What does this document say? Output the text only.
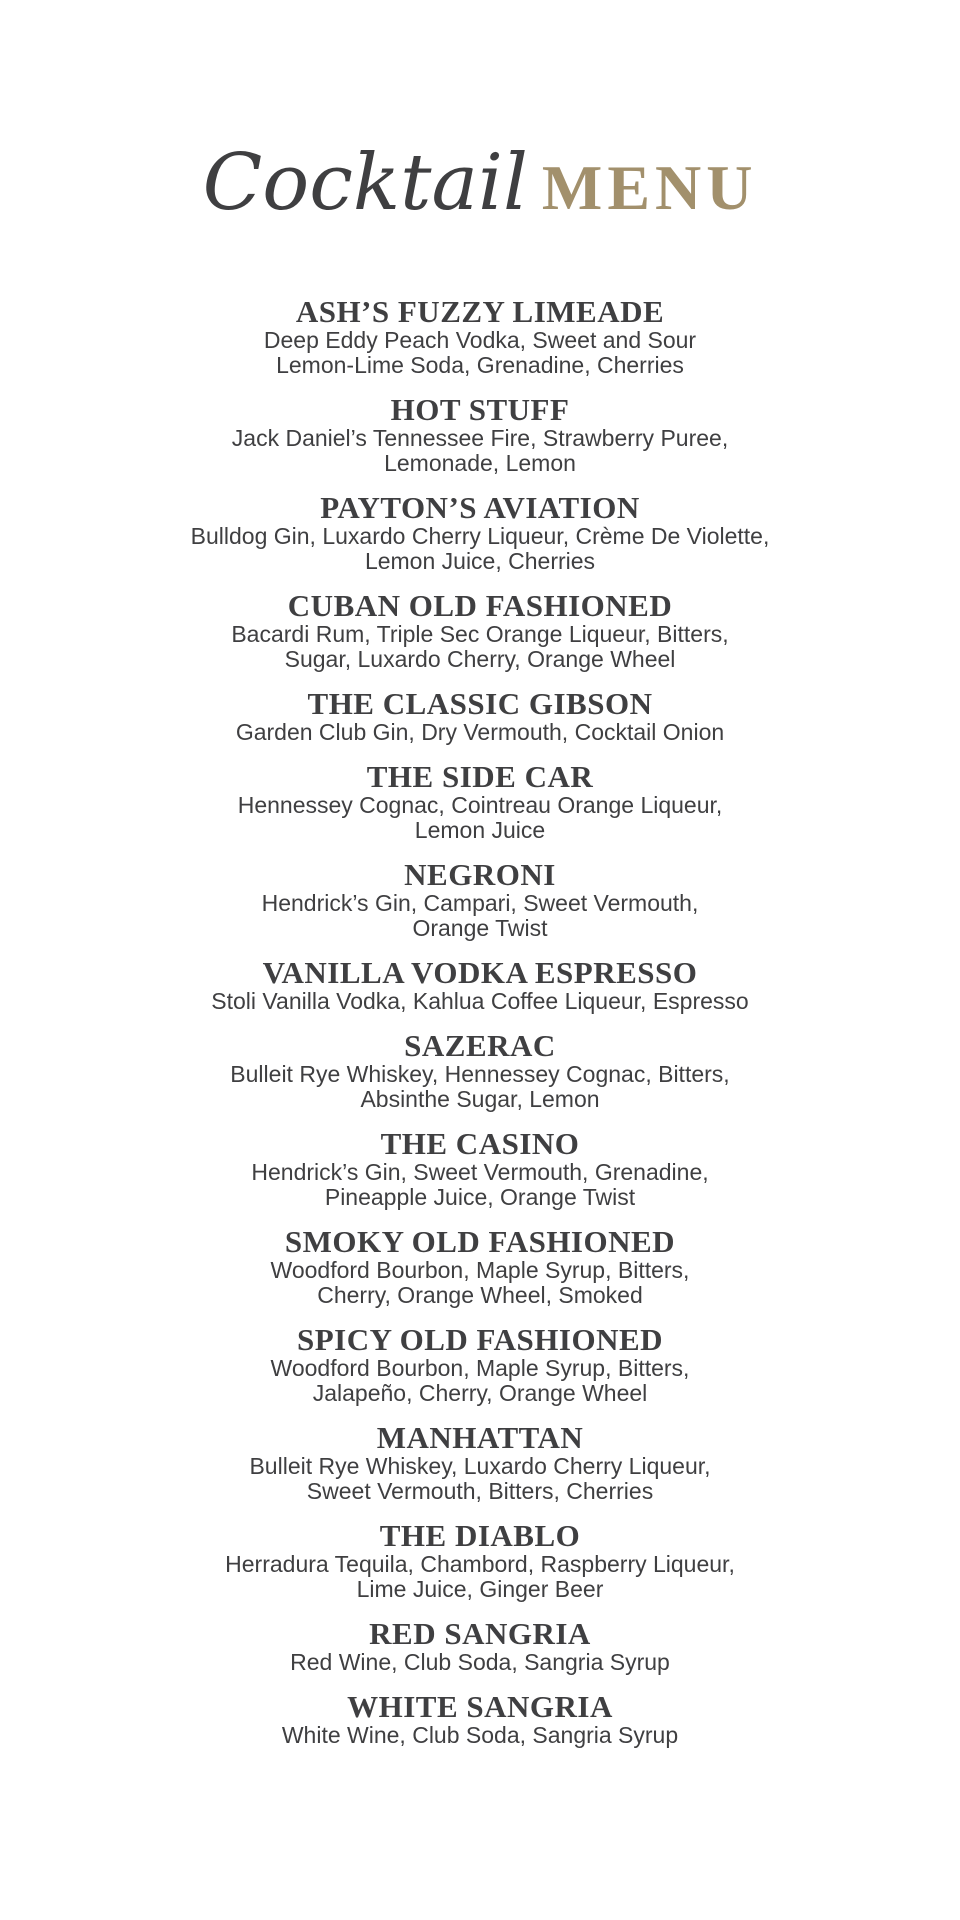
Cocktail MENU
ASH’S FUZZY LIMEADE
Deep Eddy Peach Vodka, Sweet and Sour
Lemon-Lime Soda, Grenadine, Cherries
HOT STUFF
Jack Daniel’s Tennessee Fire, Strawberry Puree,
Lemonade, Lemon
PAYTON’S AVIATION
Bulldog Gin, Luxardo Cherry Liqueur, Crème De Violette,
Lemon Juice, Cherries
CUBAN OLD FASHIONED
Bacardi Rum, Triple Sec Orange Liqueur, Bitters,
Sugar, Luxardo Cherry, Orange Wheel
THE CLASSIC GIBSON
Garden Club Gin, Dry Vermouth, Cocktail Onion
THE SIDE CAR
Hennessey Cognac, Cointreau Orange Liqueur,
Lemon Juice
NEGRONI
Hendrick’s Gin, Campari, Sweet Vermouth,
Orange Twist
VANILLA VODKA ESPRESSO
Stoli Vanilla Vodka, Kahlua Coffee Liqueur, Espresso
SAZERAC
Bulleit Rye Whiskey, Hennessey Cognac, Bitters,
Absinthe Sugar, Lemon
THE CASINO
Hendrick’s Gin, Sweet Vermouth, Grenadine,
Pineapple Juice, Orange Twist
SMOKY OLD FASHIONED
Woodford Bourbon, Maple Syrup, Bitters,
Cherry, Orange Wheel, Smoked
SPICY OLD FASHIONED
Woodford Bourbon, Maple Syrup, Bitters,
Jalapeño, Cherry, Orange Wheel
MANHATTAN
Bulleit Rye Whiskey, Luxardo Cherry Liqueur,
Sweet Vermouth, Bitters, Cherries
THE DIABLO
Herradura Tequila, Chambord, Raspberry Liqueur,
Lime Juice, Ginger Beer
RED SANGRIA
Red Wine, Club Soda, Sangria Syrup
WHITE SANGRIA
White Wine, Club Soda, Sangria Syrup
